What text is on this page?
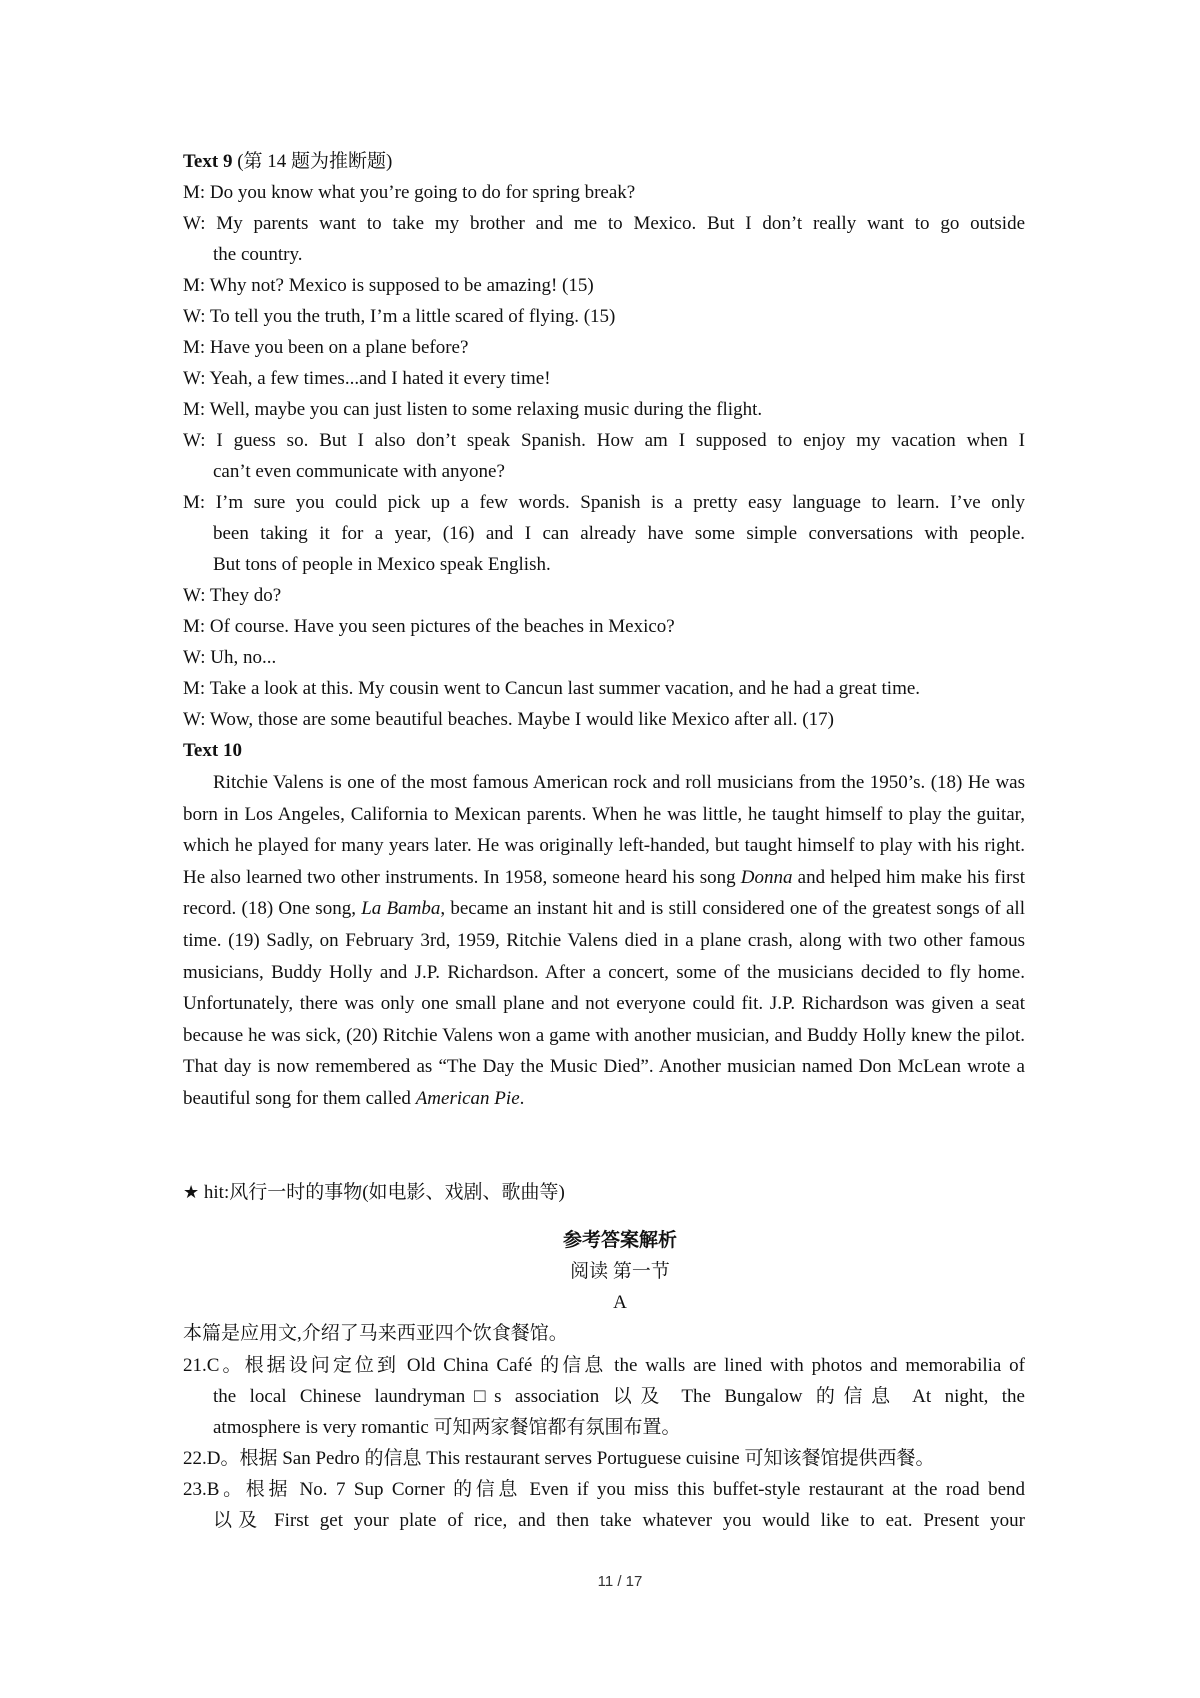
Text 9 (第 14 题为推断题)
M: Do you know what you’re going to do for spring break?
W: My parents want to take my brother and me to Mexico. But I don’t really want to go outside
the country.
M: Why not? Mexico is supposed to be amazing! (15)
W: To tell you the truth, I’m a little scared of flying. (15)
M: Have you been on a plane before?
W: Yeah, a few times...and I hated it every time!
M: Well, maybe you can just listen to some relaxing music during the flight.
W: I guess so. But I also don’t speak Spanish. How am I supposed to enjoy my vacation when I
can’t even communicate with anyone?
M: I’m sure you could pick up a few words. Spanish is a pretty easy language to learn. I’ve only
been taking it for a year, (16) and I can already have some simple conversations with people.
But tons of people in Mexico speak English.
W: They do?
M: Of course. Have you seen pictures of the beaches in Mexico?
W: Uh, no...
M: Take a look at this. My cousin went to Cancun last summer vacation, and he had a great time.
W: Wow, those are some beautiful beaches. Maybe I would like Mexico after all. (17)
Text 10
Ritchie Valens is one of the most famous American rock and roll musicians from the 1950’s. (18) He was born in Los Angeles, California to Mexican parents. When he was little, he taught himself to play the guitar, which he played for many years later. He was originally left-handed, but taught himself to play with his right. He also learned two other instruments. In 1958, someone heard his song Donna and helped him make his first record. (18) One song, La Bamba, became an instant hit and is still considered one of the greatest songs of all time. (19) Sadly, on February 3rd, 1959, Ritchie Valens died in a plane crash, along with two other famous musicians, Buddy Holly and J.P. Richardson. After a concert, some of the musicians decided to fly home. Unfortunately, there was only one small plane and not everyone could fit. J.P. Richardson was given a seat because he was sick, (20) Ritchie Valens won a game with another musician, and Buddy Holly knew the pilot. That day is now remembered as “The Day the Music Died”. Another musician named Don McLean wrote a beautiful song for them called American Pie.
★ hit:风行一时的事物(如电影、戏剧、歌曲等)
参考答案解析
阅读 第一节
A
本篇是应用文,介绍了马来西亚四个饮食餐馆。
21.C。根据设问定位到 Old China Café 的信息 the walls are lined with photos and memorabilia of
the local Chinese laundryman□s association 以及 The Bungalow 的信息 At night, the
atmosphere is very romantic 可知两家餐馆都有氛围布置。
22.D。根据 San Pedro 的信息 This restaurant serves Portuguese cuisine 可知该餐馆提供西餐。
23.B。根据 No. 7 Sup Corner 的信息 Even if you miss this buffet-style restaurant at the road bend
以及 First get your plate of rice, and then take whatever you would like to eat. Present your
11 / 17
